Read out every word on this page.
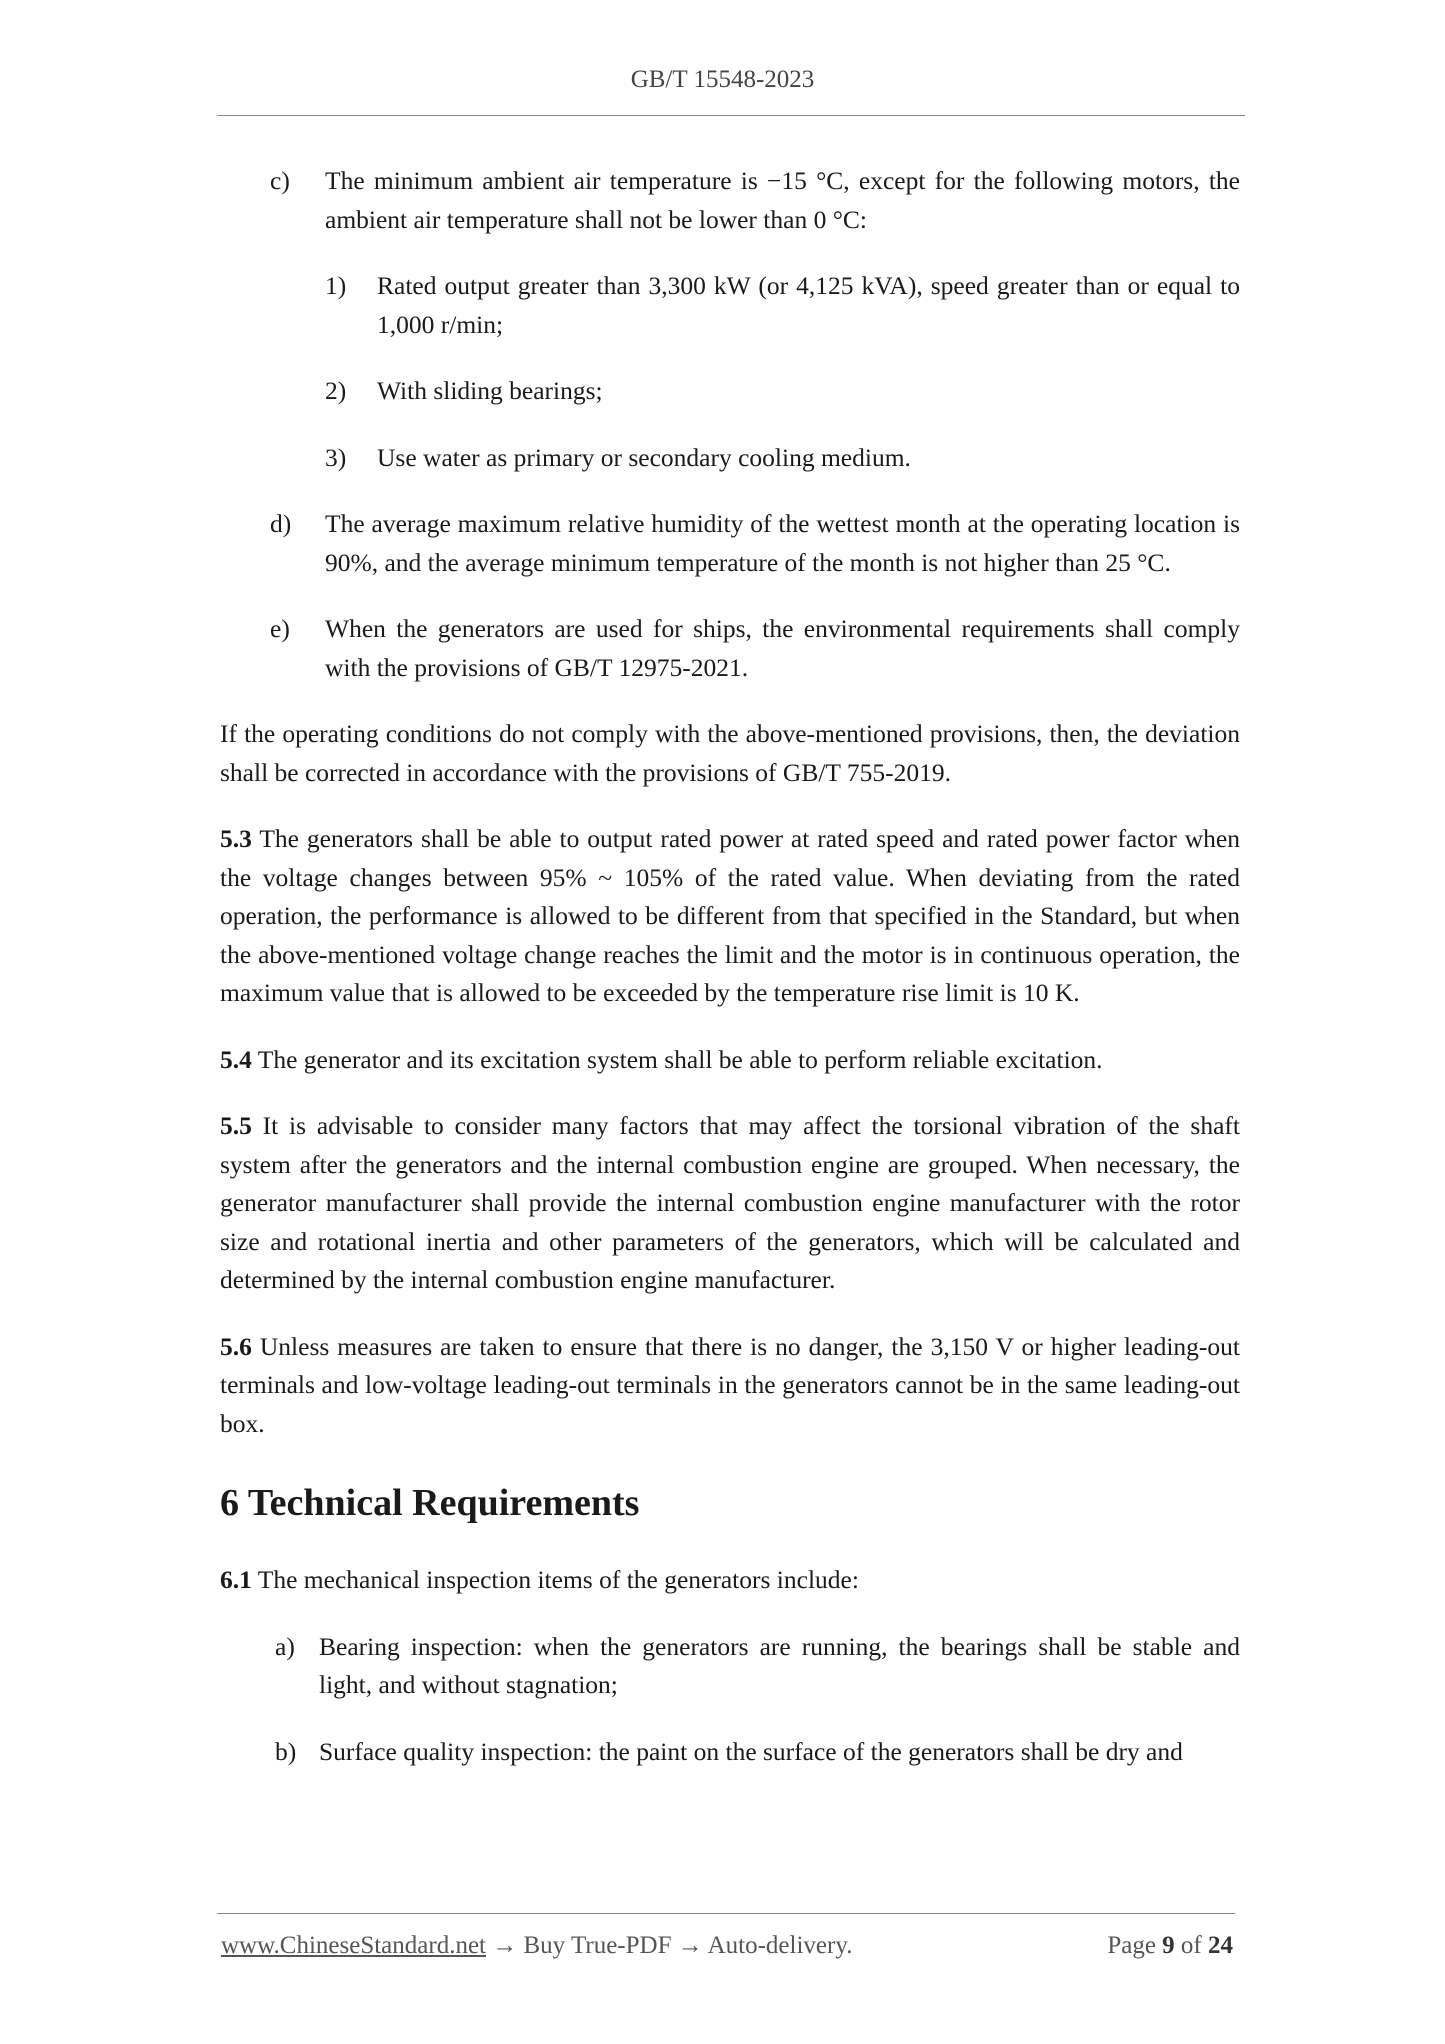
GB/T 15548-2023
c) The minimum ambient air temperature is −15 °C, except for the following motors, the ambient air temperature shall not be lower than 0 °C:
1) Rated output greater than 3,300 kW (or 4,125 kVA), speed greater than or equal to 1,000 r/min;
2) With sliding bearings;
3) Use water as primary or secondary cooling medium.
d) The average maximum relative humidity of the wettest month at the operating location is 90%, and the average minimum temperature of the month is not higher than 25 °C.
e) When the generators are used for ships, the environmental requirements shall comply with the provisions of GB/T 12975-2021.

If the operating conditions do not comply with the above-mentioned provisions, then, the deviation shall be corrected in accordance with the provisions of GB/T 755-2019.

5.3 The generators shall be able to output rated power at rated speed and rated power factor when the voltage changes between 95% ~ 105% of the rated value. When deviating from the rated operation, the performance is allowed to be different from that specified in the Standard, but when the above-mentioned voltage change reaches the limit and the motor is in continuous operation, the maximum value that is allowed to be exceeded by the temperature rise limit is 10 K.

5.4 The generator and its excitation system shall be able to perform reliable excitation.

5.5 It is advisable to consider many factors that may affect the torsional vibration of the shaft system after the generators and the internal combustion engine are grouped. When necessary, the generator manufacturer shall provide the internal combustion engine manufacturer with the rotor size and rotational inertia and other parameters of the generators, which will be calculated and determined by the internal combustion engine manufacturer.

5.6 Unless measures are taken to ensure that there is no danger, the 3,150 V or higher leading-out terminals and low-voltage leading-out terminals in the generators cannot be in the same leading-out box.

6 Technical Requirements

6.1 The mechanical inspection items of the generators include:

a) Bearing inspection: when the generators are running, the bearings shall be stable and light, and without stagnation;
b) Surface quality inspection: the paint on the surface of the generators shall be dry and
www.ChineseStandard.net → Buy True-PDF → Auto-delivery.	Page 9 of 24
